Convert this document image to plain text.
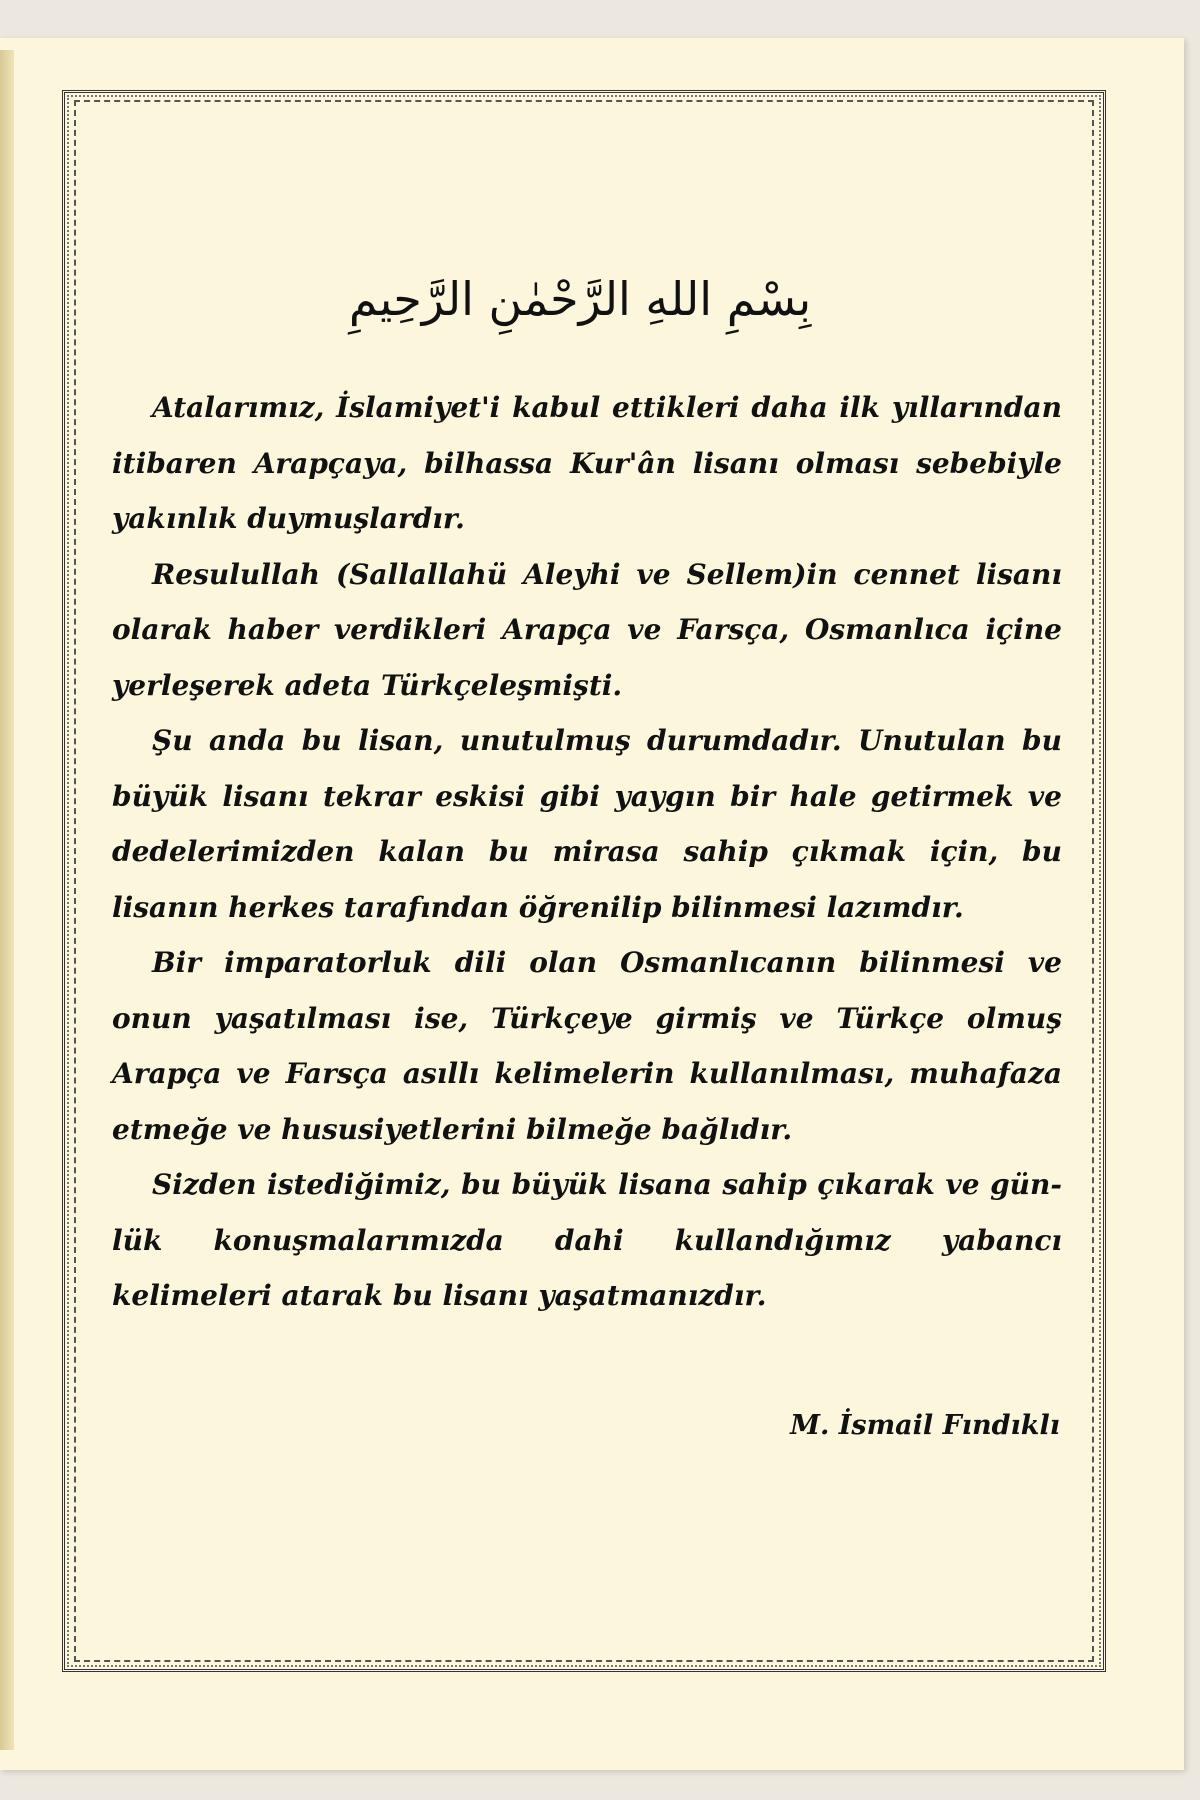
بِسْمِ اللهِ الرَّحْمٰنِ الرَّحِيمِ

Atalarımız, İslamiyet'i kabul ettikleri daha ilk yıllarından itibaren Arapçaya, bilhassa Kur'ân lisanı olması sebebiyle yakınlık duymuşlardır.

Resulullah (Sallallahü Aleyhi ve Sellem)in cennet lisanı olarak haber verdikleri Arapça ve Farsça, Osmanlıca içine yerleşerek adeta Türkçeleşmişti.

Şu anda bu lisan, unutulmuş durumdadır. Unutulan bu büyük lisanı tekrar eskisi gibi yaygın bir hale getirmek ve dedelerimizden kalan bu mirasa sahip çıkmak için, bu lisanın herkes tarafından öğrenilip bilinmesi lazımdır.

Bir imparatorluk dili olan Osmanlıcanın bilinmesi ve onun yaşatılması ise, Türkçeye girmiş ve Türkçe olmuş Arapça ve Farsça asıllı kelimelerin kullanılması, muhafaza etmeğe ve hususiyetlerini bilmeğe bağlıdır.

Sizden istediğimiz, bu büyük lisana sahip çıkarak ve gün-lük konuşmalarımızda dahi kullandığımız yabancı kelimeleri atarak bu lisanı yaşatmanızdır.

M. İsmail Fındıklı
